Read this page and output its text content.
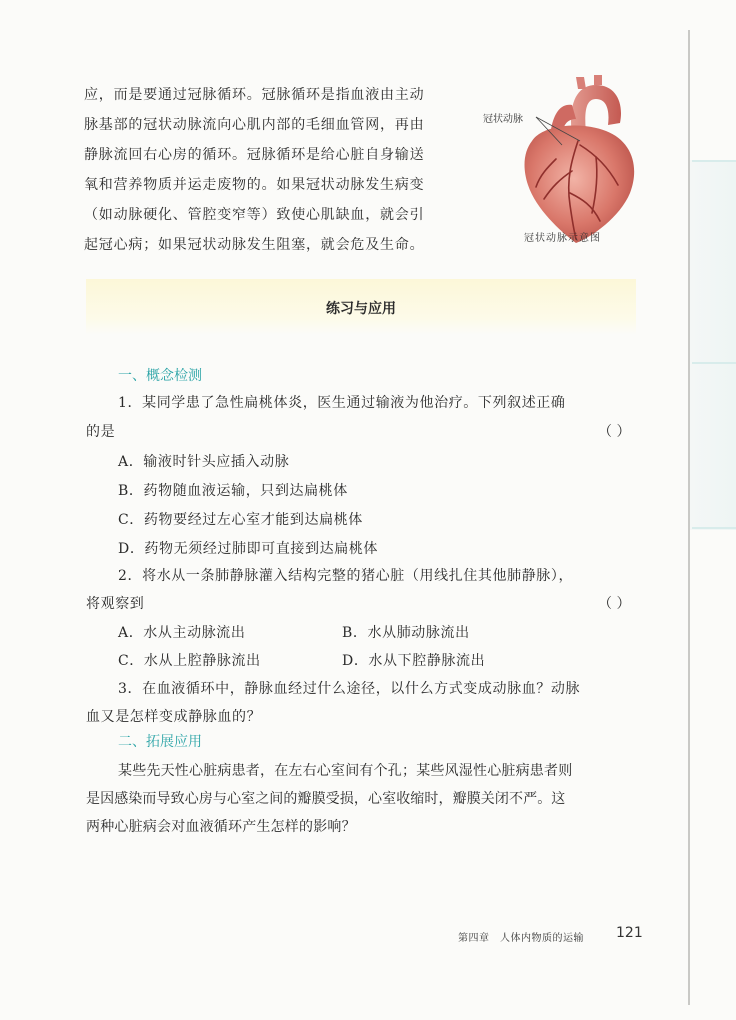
应，而是要通过冠脉循环。冠脉循环是指血液由主动

脉基部的冠状动脉流向心肌内部的毛细血管网，再由

静脉流回右心房的循环。冠脉循环是给心脏自身输送

氧和营养物质并运走废物的。如果冠状动脉发生病变

（如动脉硬化、管腔变窄等）致使心肌缺血，就会引

起冠心病；如果冠状动脉发生阻塞，就会危及生命。

冠状动脉
冠状动脉示意图
练习与应用
一、概念检测
1．某同学患了急性扁桃体炎，医生通过输液为他治疗。下列叙述正确
的是	（ ）
A．输液时针头应插入动脉
B．药物随血液运输，只到达扁桃体
C．药物要经过左心室才能到达扁桃体
D．药物无须经过肺即可直接到达扁桃体
2．将水从一条肺静脉灌入结构完整的猪心脏（用线扎住其他肺静脉），
将观察到	（ ）
A．水从主动脉流出	B．水从肺动脉流出
C．水从上腔静脉流出	D．水从下腔静脉流出
3．在血液循环中，静脉血经过什么途径，以什么方式变成动脉血？动脉
血又是怎样变成静脉血的？
二、拓展应用
某些先天性心脏病患者，在左右心室间有个孔；某些风湿性心脏病患者则
是因感染而导致心房与心室之间的瓣膜受损，心室收缩时，瓣膜关闭不严。这
两种心脏病会对血液循环产生怎样的影响？
第四章　人体内物质的运输 121
